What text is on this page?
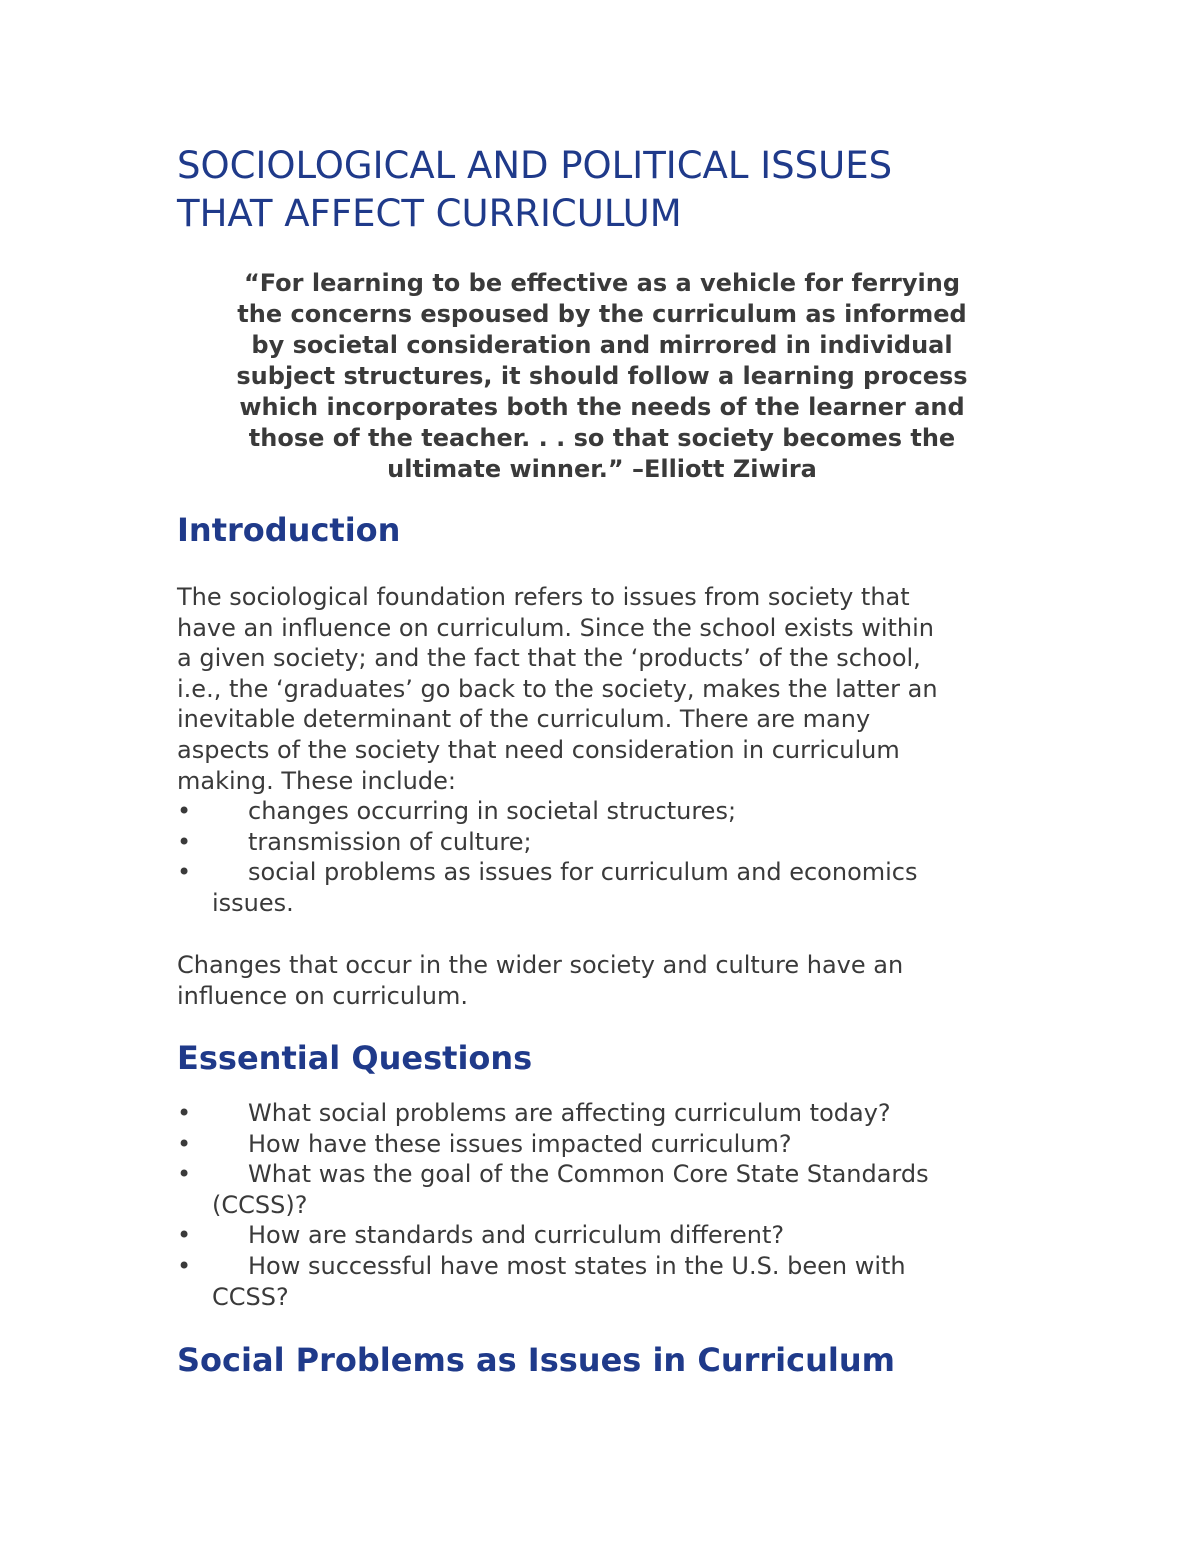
SOCIOLOGICAL AND POLITICAL ISSUES
THAT AFFECT CURRICULUM
“For learning to be effective as a vehicle for ferrying
the concerns espoused by the curriculum as informed
by societal consideration and mirrored in individual
subject structures, it should follow a learning process
which incorporates both the needs of the learner and
those of the teacher. . . so that society becomes the
ultimate winner.” –Elliott Ziwira
Introduction
The sociological foundation refers to issues from society that
have an influence on curriculum. Since the school exists within
a given society; and the fact that the ‘products’ of the school,
i.e., the ‘graduates’ go back to the society, makes the latter an
inevitable determinant of the curriculum. There are many
aspects of the society that need consideration in curriculum
making. These include:
•	changes occurring in societal structures;
•	transmission of culture;
•	social problems as issues for curriculum and economics
issues.
Changes that occur in the wider society and culture have an
influence on curriculum.
Essential Questions
•	What social problems are affecting curriculum today?
•	How have these issues impacted curriculum?
•	What was the goal of the Common Core State Standards
(CCSS)?
•	How are standards and curriculum different?
•	How successful have most states in the U.S. been with
CCSS?
Social Problems as Issues in Curriculum
